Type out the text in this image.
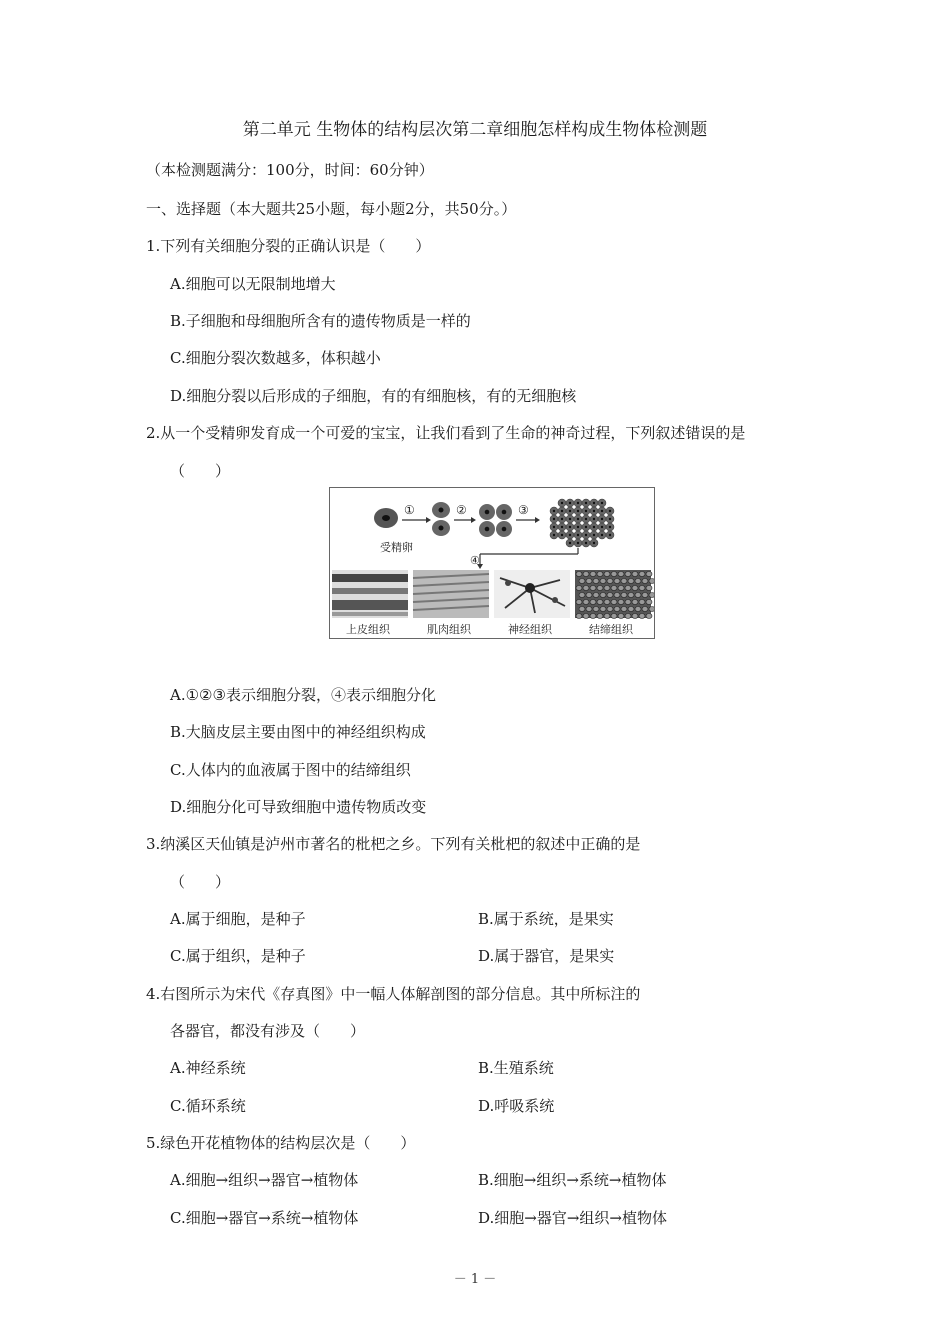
第二单元 生物体的结构层次第二章细胞怎样构成生物体检测题
（本检测题满分：100分，时间：60分钟）
一、选择题（本大题共25小题，每小题2分，共50分。）
1.下列有关细胞分裂的正确认识是（　　）
A.细胞可以无限制地增大
B.子细胞和母细胞所含有的遗传物质是一样的
C.细胞分裂次数越多，体积越小
D.细胞分裂以后形成的子细胞，有的有细胞核，有的无细胞核
2.从一个受精卵发育成一个可爱的宝宝，让我们看到了生命的神奇过程，下列叙述错误的是
（　　）
受精卵
①	②	③
④
上皮组织	肌肉组织	神经组织	结缔组织
A.①②③表示细胞分裂，④表示细胞分化
B.大脑皮层主要由图中的神经组织构成
C.人体内的血液属于图中的结缔组织
D.细胞分化可导致细胞中遗传物质改变
3.纳溪区天仙镇是泸州市著名的枇杷之乡。下列有关枇杷的叙述中正确的是
（　　）
A.属于细胞，是种子	B.属于系统，是果实
C.属于组织，是种子	D.属于器官，是果实
4.右图所示为宋代《存真图》中一幅人体解剖图的部分信息。其中所标注的
各器官，都没有涉及（　　）
A.神经系统	B.生殖系统
C.循环系统	D.呼吸系统
5.绿色开花植物体的结构层次是（　　）
A.细胞→组织→器官→植物体	B.细胞→组织→系统→植物体
C.细胞→器官→系统→植物体	D.细胞→器官→组织→植物体
－ 1 －
